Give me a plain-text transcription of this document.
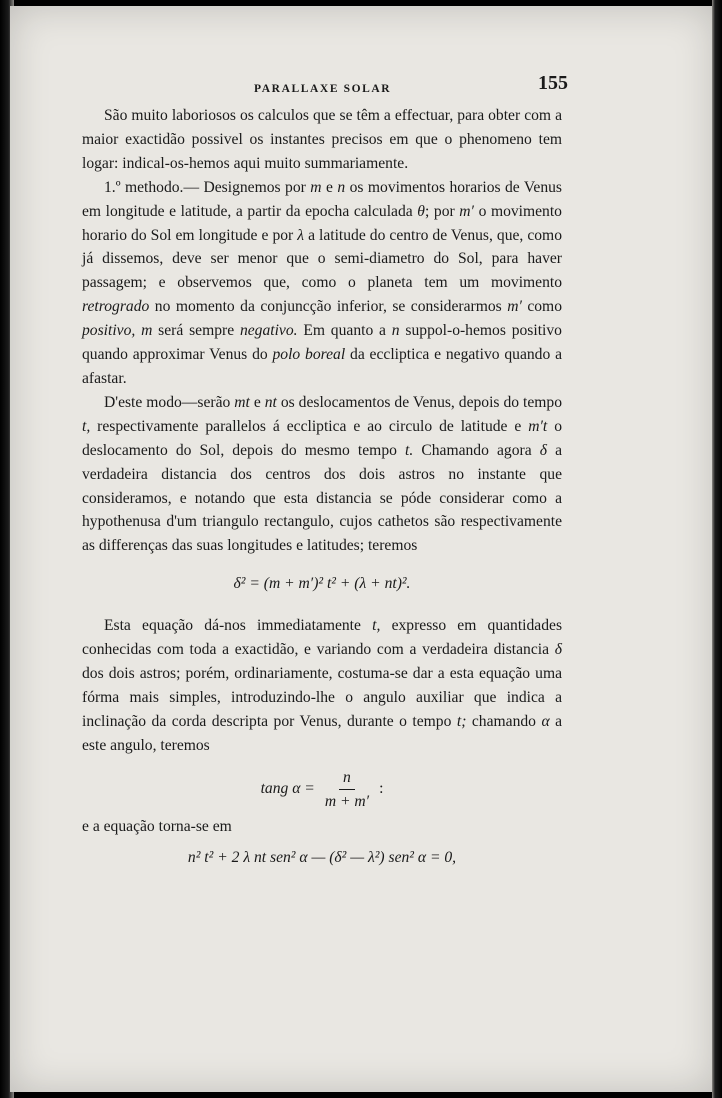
PARALLAXE SOLAR	155

São muito laboriosos os calculos que se têm a effectuar, para obter com a maior exactidão possivel os instantes precisos em que o phenomeno tem logar: indical-os-hemos aqui muito summariamente.

1.º methodo.— Designemos por m e n os movimentos horarios de Venus em longitude e latitude, a partir da epocha calculada θ; por m′ o movimento horario do Sol em longitude e por λ a latitude do centro de Venus, que, como já dissemos, deve ser menor que o semi-diametro do Sol, para haver passagem; e observemos que, como o planeta tem um movimento retrogrado no momento da conjuncção inferior, se considerarmos m′ como positivo, m será sempre negativo. Em quanto a n suppol-o-hemos positivo quando approximar Venus do polo boreal da eccliptica e negativo quando a afastar.

D'este modo—serão mt e nt os deslocamentos de Venus, depois do tempo t, respectivamente parallelos á eccliptica e ao circulo de latitude e m′t o deslocamento do Sol, depois do mesmo tempo t. Chamando agora δ a verdadeira distancia dos centros dos dois astros no instante que consideramos, e notando que esta distancia se póde considerar como a hypothenusa d'um triangulo rectangulo, cujos cathetos são respectivamente as differenças das suas longitudes e latitudes; teremos

δ² = (m + m′)² t² + (λ + nt)².

Esta equação dá-nos immediatamente t, expresso em quantidades conhecidas com toda a exactidão, e variando com a verdadeira distancia δ dos dois astros; porém, ordinariamente, costuma-se dar a esta equação uma fórma mais simples, introduzindo-lhe o angulo auxiliar que indica a inclinação da corda descripta por Venus, durante o tempo t; chamando α a este angulo, teremos

tang $\alpha = \frac{n}{m + m'}$ :

e a equação torna-se em

n² t² + 2 λ nt sen² α — (δ² — λ²) sen² α = 0,
